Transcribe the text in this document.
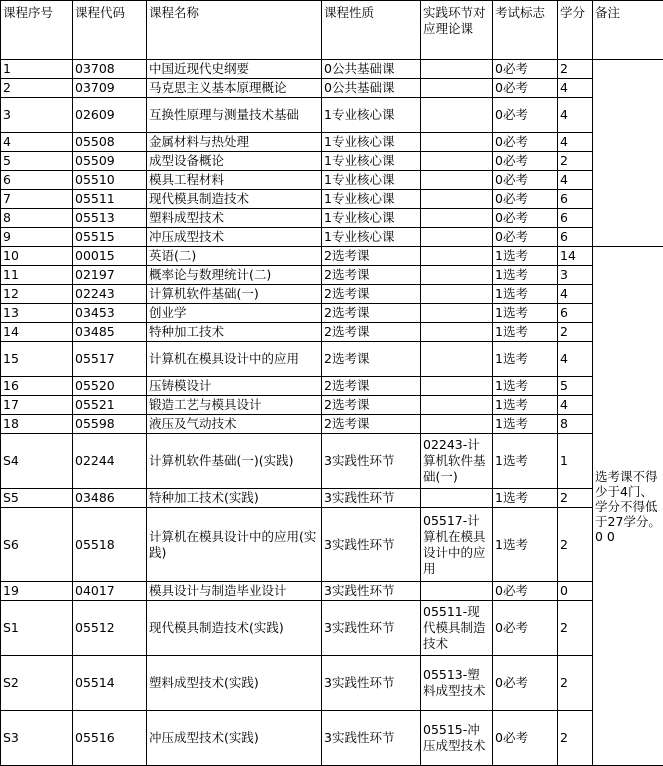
课程序号	课程代码	课程名称	课程性质	实践环节对应理论课	考试标志	学分	备注
1	03708	中国近现代史纲要	0公共基础课		0必考	2	
2	03709	马克思主义基本原理概论	0公共基础课		0必考	4	
3	02609	互换性原理与测量技术基础	1专业核心课		0必考	4	
4	05508	金属材料与热处理	1专业核心课		0必考	4	
5	05509	成型设备概论	1专业核心课		0必考	2	
6	05510	模具工程材料	1专业核心课		0必考	4	
7	05511	现代模具制造技术	1专业核心课		0必考	6	
8	05513	塑料成型技术	1专业核心课		0必考	6	
9	05515	冲压成型技术	1专业核心课		0必考	6	
10	00015	英语(二)	2选考课		1选考	14	选考课不得少于4门、学分不得低于27学分。0 0
11	02197	概率论与数理统计(二)	2选考课		1选考	3	
12	02243	计算机软件基础(一)	2选考课		1选考	4	
13	03453	创业学	2选考课		1选考	6	
14	03485	特种加工技术	2选考课		1选考	2	
15	05517	计算机在模具设计中的应用	2选考课		1选考	4	
16	05520	压铸模设计	2选考课		1选考	5	
17	05521	锻造工艺与模具设计	2选考课		1选考	4	
18	05598	液压及气动技术	2选考课		1选考	8	
S4	02244	计算机软件基础(一)(实践)	3实践性环节	02243-计算机软件基础(一)	1选考	1	
S5	03486	特种加工技术(实践)	3实践性环节		1选考	2	
S6	05518	计算机在模具设计中的应用(实践)	3实践性环节	05517-计算机在模具设计中的应用	1选考	2	
19	04017	模具设计与制造毕业设计	3实践性环节		0必考	0	
S1	05512	现代模具制造技术(实践)	3实践性环节	05511-现代模具制造技术	0必考	2	
S2	05514	塑料成型技术(实践)	3实践性环节	05513-塑料成型技术	0必考	2	
S3	05516	冲压成型技术(实践)	3实践性环节	05515-冲压成型技术	0必考	2	
